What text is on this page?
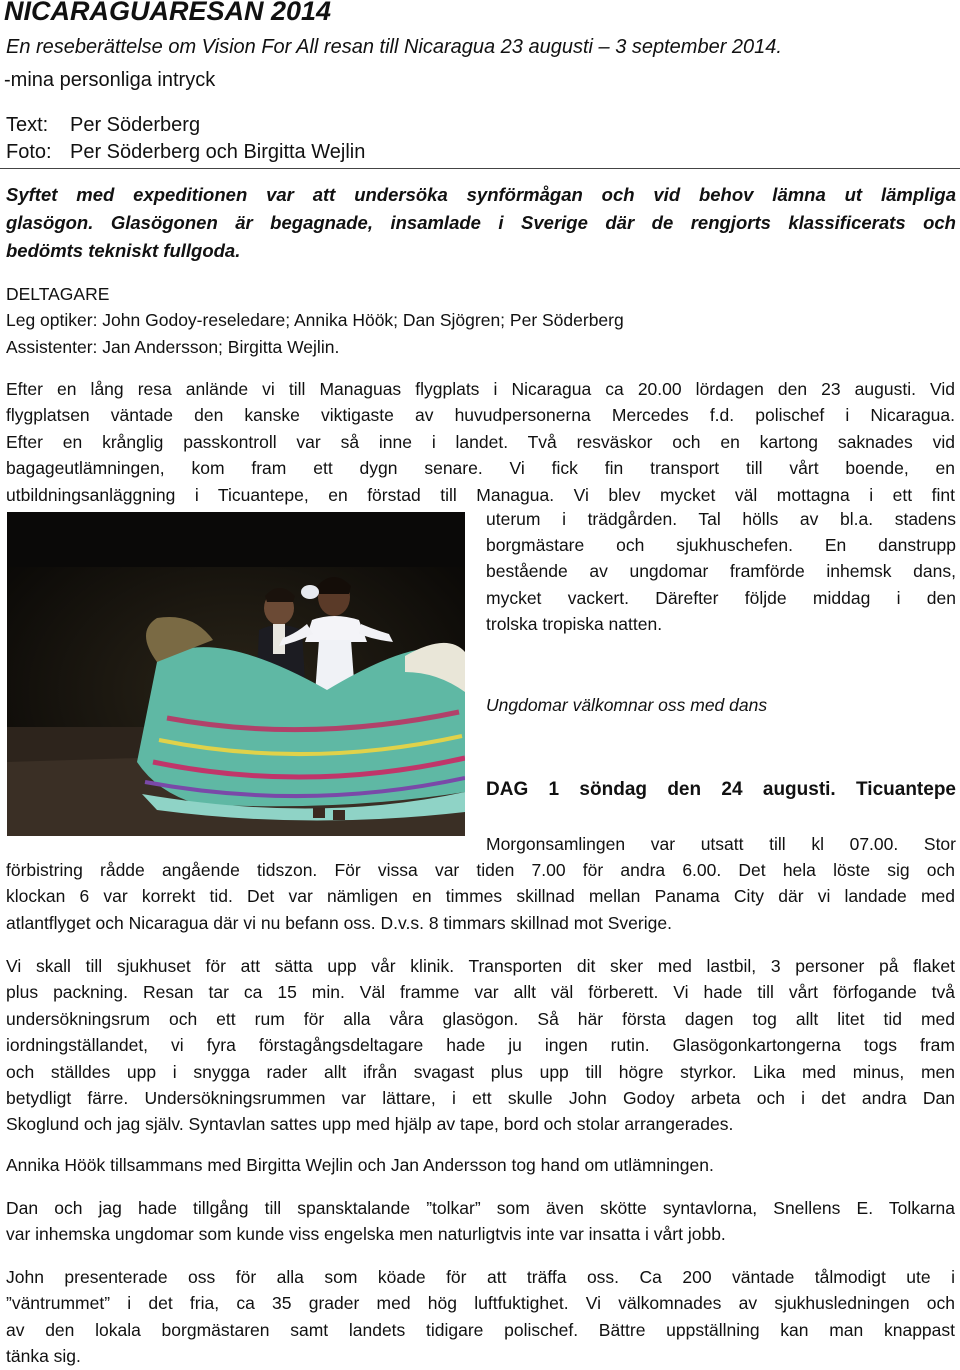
NICARAGUARESAN 2014
En reseberättelse om Vision For All resan till Nicaragua 23 augusti – 3 september 2014.
-mina personliga intryck
Text: Per Söderberg
Foto: Per Söderberg och Birgitta Wejlin
Syftet med expeditionen var att undersöka synförmågan och vid behov lämna ut lämpliga
glasögon. Glasögonen är begagnade, insamlade i Sverige där de rengjorts klassificerats och
bedömts tekniskt fullgoda.
DELTAGARE
Leg optiker: John Godoy-reseledare; Annika Höök; Dan Sjögren; Per Söderberg
Assistenter: Jan Andersson; Birgitta Wejlin.
Efter en lång resa anlände vi till Managuas flygplats i Nicaragua ca 20.00 lördagen den 23 augusti. Vid
flygplatsen väntade den kanske viktigaste av huvudpersonerna Mercedes f.d. polischef i Nicaragua.
Efter en krånglig passkontroll var så inne i landet. Två resväskor och en kartong saknades vid
bagageutlämningen, kom fram ett dygn senare. Vi fick fin transport till vårt boende, en
utbildningsanläggning i Ticuantepe, en förstad till Managua. Vi blev mycket väl mottagna i ett fint
uterum i trädgården. Tal hölls av bl.a. stadens
borgmästare och sjukhuschefen. En danstrupp
bestående av ungdomar framförde inhemsk dans,
mycket vackert. Därefter följde middag i den
trolska tropiska natten.
Ungdomar välkomnar oss med dans
DAG 1 söndag den 24 augusti. Ticuantepe
Morgonsamlingen var utsatt till kl 07.00. Stor
förbistring rådde angående tidszon. För vissa var tiden 7.00 för andra 6.00. Det hela löste sig och
klockan 6 var korrekt tid. Det var nämligen en timmes skillnad mellan Panama City där vi landade med
atlantflyget och Nicaragua där vi nu befann oss. D.v.s. 8 timmars skillnad mot Sverige.
Vi skall till sjukhuset för att sätta upp vår klinik. Transporten dit sker med lastbil, 3 personer på flaket
plus packning. Resan tar ca 15 min. Väl framme var allt väl förberett. Vi hade till vårt förfogande två
undersökningsrum och ett rum för alla våra glasögon. Så här första dagen tog allt litet tid med
iordningställandet, vi fyra förstagångsdeltagare hade ju ingen rutin. Glasögonkartongerna togs fram
och ställdes upp i snygga rader allt ifrån svagast plus upp till högre styrkor. Lika med minus, men
betydligt färre. Undersökningsrummen var lättare, i ett skulle John Godoy arbeta och i det andra Dan
Skoglund och jag själv. Syntavlan sattes upp med hjälp av tape, bord och stolar arrangerades.
Annika Höök tillsammans med Birgitta Wejlin och Jan Andersson tog hand om utlämningen.
Dan och jag hade tillgång till spansktalande ”tolkar” som även skötte syntavlorna, Snellens E. Tolkarna
var inhemska ungdomar som kunde viss engelska men naturligtvis inte var insatta i vårt jobb.
John presenterade oss för alla som köade för att träffa oss. Ca 200 väntade tålmodigt ute i
”väntrummet” i det fria, ca 35 grader med hög luftfuktighet. Vi välkomnades av sjukhusledningen och
av den lokala borgmästaren samt landets tidigare polischef. Bättre uppställning kan man knappast
tänka sig.
